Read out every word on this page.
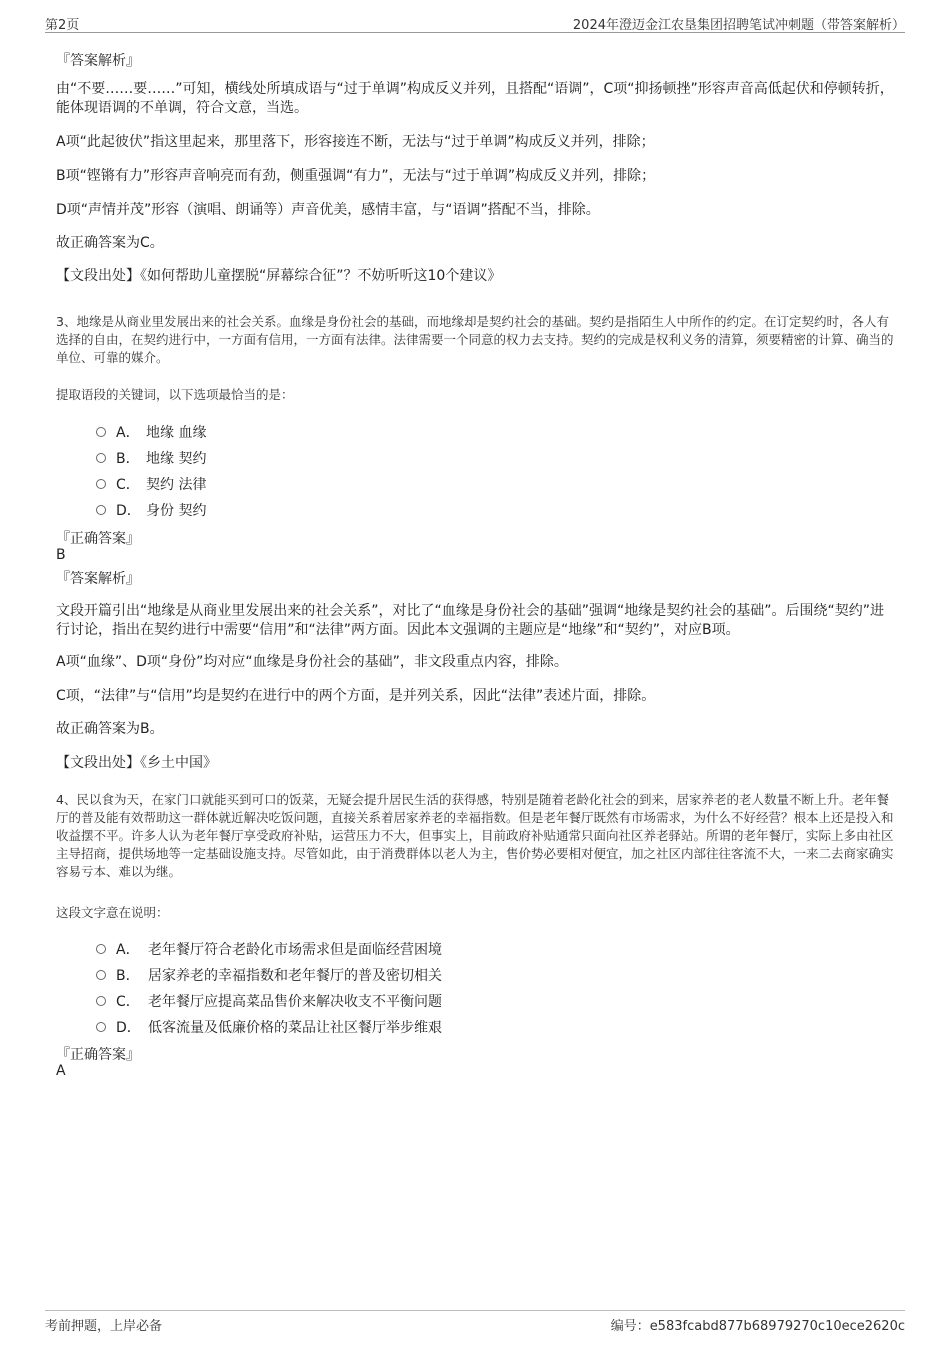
第2页	2024年澄迈金江农垦集团招聘笔试冲刺题（带答案解析）
『答案解析』
由“不要……要……”可知，横线处所填成语与“过于单调”构成反义并列，且搭配“语调”，C项“抑扬顿挫”形容声音高低起伏和停顿转折，能体现语调的不单调，符合文意，当选。
A项“此起彼伏”指这里起来，那里落下，形容接连不断，无法与“过于单调”构成反义并列，排除；
B项“铿锵有力”形容声音响亮而有劲，侧重强调“有力”，无法与“过于单调”构成反义并列，排除；
D项“声情并茂”形容（演唱、朗诵等）声音优美，感情丰富，与“语调”搭配不当，排除。
故正确答案为C。
【文段出处】《如何帮助儿童摆脱“屏幕综合征”？不妨听听这10个建议》
3、地缘是从商业里发展出来的社会关系。血缘是身份社会的基础，而地缘却是契约社会的基础。契约是指陌生人中所作的约定。在订定契约时，各人有选择的自由，在契约进行中，一方面有信用，一方面有法律。法律需要一个同意的权力去支持。契约的完成是权利义务的清算，须要精密的计算、确当的单位、可靠的媒介。
提取语段的关键词，以下选项最恰当的是：
A． 地缘 血缘
B． 地缘 契约
C． 契约 法律
D． 身份 契约
『正确答案』
B
『答案解析』
文段开篇引出“地缘是从商业里发展出来的社会关系”，对比了“血缘是身份社会的基础”强调“地缘是契约社会的基础”。后围绕“契约”进行讨论，指出在契约进行中需要“信用”和“法律”两方面。因此本文强调的主题应是“地缘”和“契约”，对应B项。
A项“血缘”、D项“身份”均对应“血缘是身份社会的基础”，非文段重点内容，排除。
C项，“法律”与“信用”均是契约在进行中的两个方面，是并列关系，因此“法律”表述片面，排除。
故正确答案为B。
【文段出处】《乡土中国》
4、民以食为天，在家门口就能买到可口的饭菜，无疑会提升居民生活的获得感，特别是随着老龄化社会的到来，居家养老的老人数量不断上升。老年餐厅的普及能有效帮助这一群体就近解决吃饭问题，直接关系着居家养老的幸福指数。但是老年餐厅既然有市场需求，为什么不好经营？根本上还是投入和收益摆不平。许多人认为老年餐厅享受政府补贴，运营压力不大，但事实上，目前政府补贴通常只面向社区养老驿站。所谓的老年餐厅，实际上多由社区主导招商，提供场地等一定基础设施支持。尽管如此，由于消费群体以老人为主，售价势必要相对便宜，加之社区内部往往客流不大，一来二去商家确实容易亏本、难以为继。
这段文字意在说明：
A． 老年餐厅符合老龄化市场需求但是面临经营困境
B． 居家养老的幸福指数和老年餐厅的普及密切相关
C． 老年餐厅应提高菜品售价来解决收支不平衡问题
D． 低客流量及低廉价格的菜品让社区餐厅举步维艰
『正确答案』
A
考前押题，上岸必备	编号：e583fcabd877b68979270c10ece2620c
